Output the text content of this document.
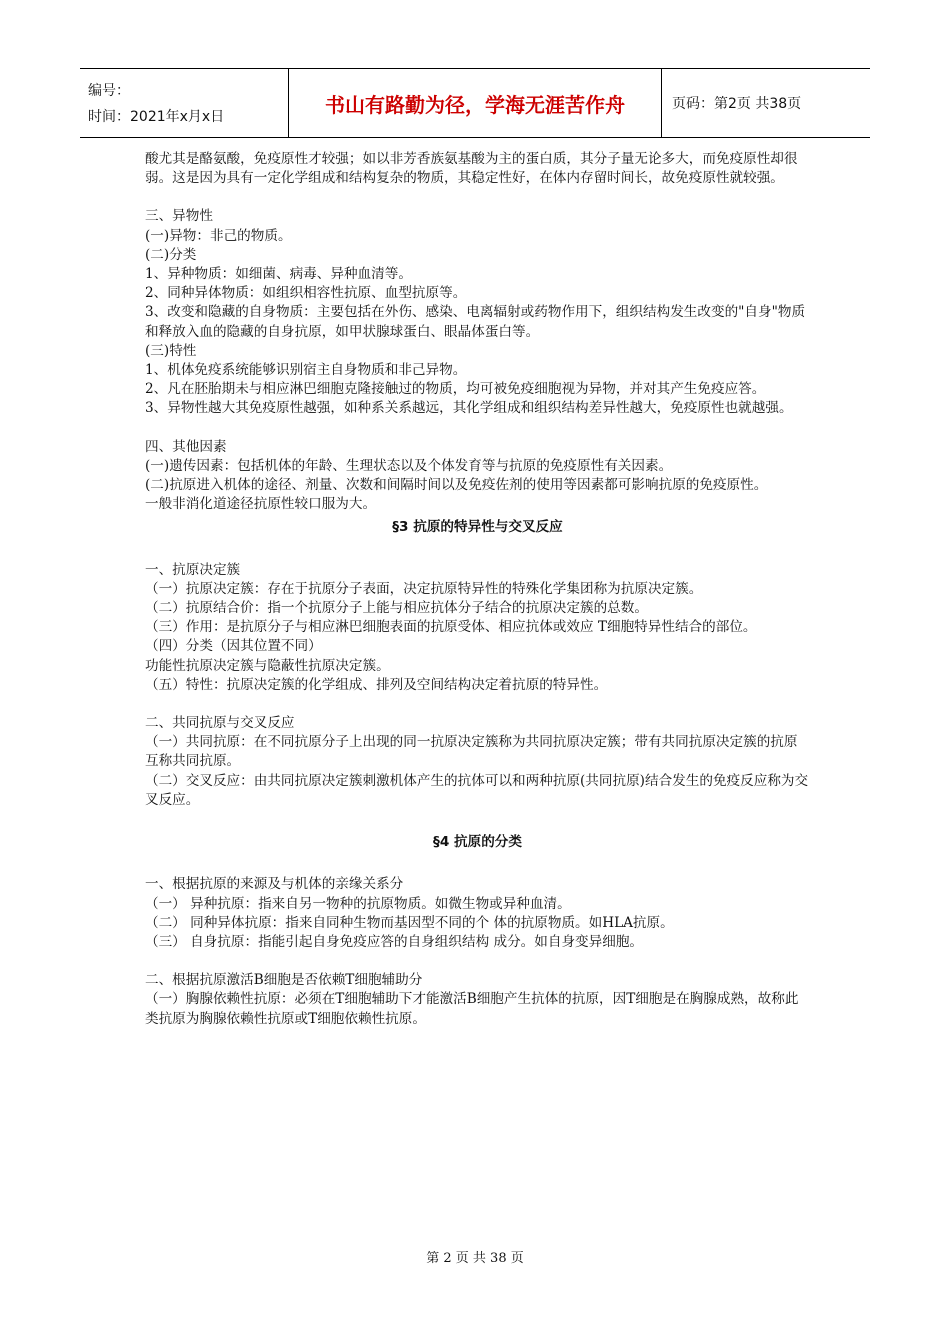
编号：
时间：2021年x月x日
书山有路勤为径，学海无涯苦作舟	页码：第2页 共38页

酸尤其是酪氨酸，免疫原性才较强；如以非芳香族氨基酸为主的蛋白质，其分子量无论多大，而免疫原性却很弱。这是因为具有一定化学组成和结构复杂的物质，其稳定性好，在体内存留时间长，故免疫原性就较强。

三、异物性

(一)异物：非己的物质。

(二)分类

1、异种物质：如细菌、病毒、异种血清等。

2、同种异体物质：如组织相容性抗原、血型抗原等。

3、改变和隐藏的自身物质：主要包括在外伤、感染、电离辐射或药物作用下，组织结构发生改变的"自身"物质和释放入血的隐藏的自身抗原，如甲状腺球蛋白、眼晶体蛋白等。

(三)特性

1、机体免疫系统能够识别宿主自身物质和非己异物。

2、凡在胚胎期未与相应淋巴细胞克隆接触过的物质，均可被免疫细胞视为异物，并对其产生免疫应答。

3、异物性越大其免疫原性越强，如种系关系越远，其化学组成和组织结构差异性越大，免疫原性也就越强。

四、其他因素

(一)遗传因素：包括机体的年龄、生理状态以及个体发育等与抗原的免疫原性有关因素。

(二)抗原进入机体的途径、剂量、次数和间隔时间以及免疫佐剂的使用等因素都可影响抗原的免疫原性。

一般非消化道途径抗原性较口服为大。

§3 抗原的特异性与交叉反应

一、抗原决定簇

（一）抗原决定簇：存在于抗原分子表面，决定抗原特异性的特殊化学集团称为抗原决定簇。

（二）抗原结合价：指一个抗原分子上能与相应抗体分子结合的抗原决定簇的总数。

（三）作用：是抗原分子与相应淋巴细胞表面的抗原受体、相应抗体或效应 T细胞特异性结合的部位。

（四）分类（因其位置不同）

功能性抗原决定簇与隐蔽性抗原决定簇。

（五）特性：抗原决定簇的化学组成、排列及空间结构决定着抗原的特异性。

二、共同抗原与交叉反应

（一）共同抗原：在不同抗原分子上出现的同一抗原决定簇称为共同抗原决定簇；带有共同抗原决定簇的抗原互称共同抗原。

（二）交叉反应：由共同抗原决定簇刺激机体产生的抗体可以和两种抗原(共同抗原)结合发生的免疫反应称为交叉反应。

§4 抗原的分类

一、根据抗原的来源及与机体的亲缘关系分

（一） 异种抗原：指来自另一物种的抗原物质。如微生物或异种血清。

（二） 同种异体抗原：指来自同种生物而基因型不同的个 体的抗原物质。如HLA抗原。

（三） 自身抗原：指能引起自身免疫应答的自身组织结构 成分。如自身变异细胞。

二、根据抗原激活B细胞是否依赖T细胞辅助分

（一）胸腺依赖性抗原：必须在T细胞辅助下才能激活B细胞产生抗体的抗原，因T细胞是在胸腺成熟，故称此类抗原为胸腺依赖性抗原或T细胞依赖性抗原。

第 2 页 共 38 页
